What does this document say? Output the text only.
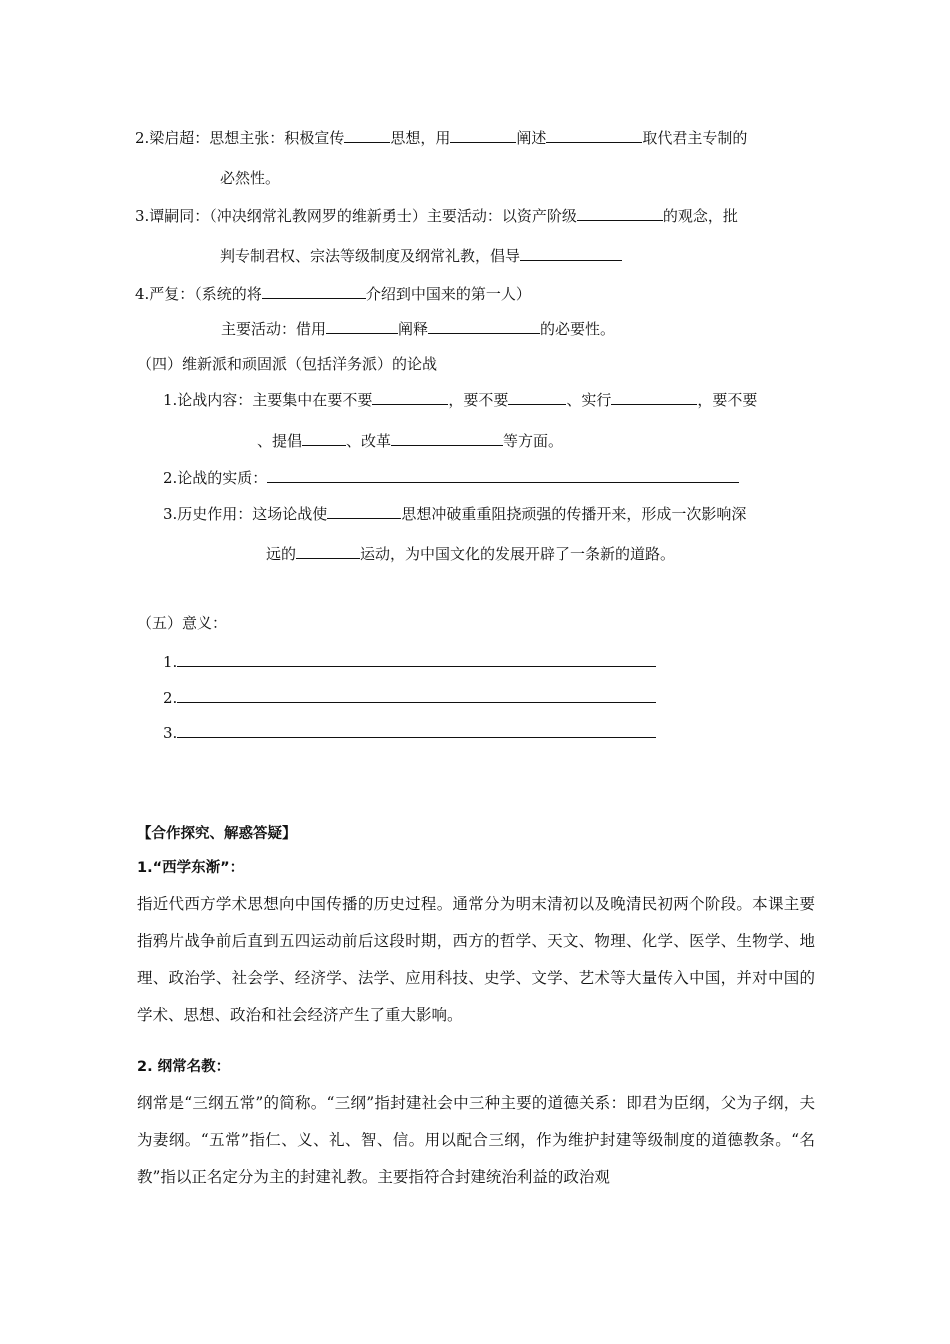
2.梁启超：思想主张：积极宣传	思想，用	阐述	取代君主专制的
必然性。
3.谭嗣同：（冲决纲常礼教网罗的维新勇士）主要活动：以资产阶级	的观念，批
判专制君权、宗法等级制度及纲常礼教，倡导
4.严复：（系统的将	介绍到中国来的第一人）
主要活动：借用	阐释	的必要性。
（四）维新派和顽固派（包括洋务派）的论战
1.论战内容：主要集中在要不要	，要不要	、实行	，要不要
、提倡	、改革	等方面。
2.论战的实质：
3.历史作用：这场论战使	思想冲破重重阻挠顽强的传播开来，形成一次影响深
远的	运动，为中国文化的发展开辟了一条新的道路。
（五）意义：
1.
2.
3.
【合作探究、解惑答疑】
1.“西学东渐”：
指近代西方学术思想向中国传播的历史过程。通常分为明末清初以及晚清民初两个阶段。本课主要指鸦片战争前后直到五四运动前后这段时期，西方的哲学、天文、物理、化学、医学、生物学、地理、政治学、社会学、经济学、法学、应用科技、史学、文学、艺术等大量传入中国，并对中国的学术、思想、政治和社会经济产生了重大影响。
2. 纲常名教：
纲常是“三纲五常”的简称。“三纲”指封建社会中三种主要的道德关系：即君为臣纲，父为子纲，夫为妻纲。“五常”指仁、义、礼、智、信。用以配合三纲，作为维护封建等级制度的道德教条。“名教”指以正名定分为主的封建礼教。主要指符合封建统治利益的政治观
